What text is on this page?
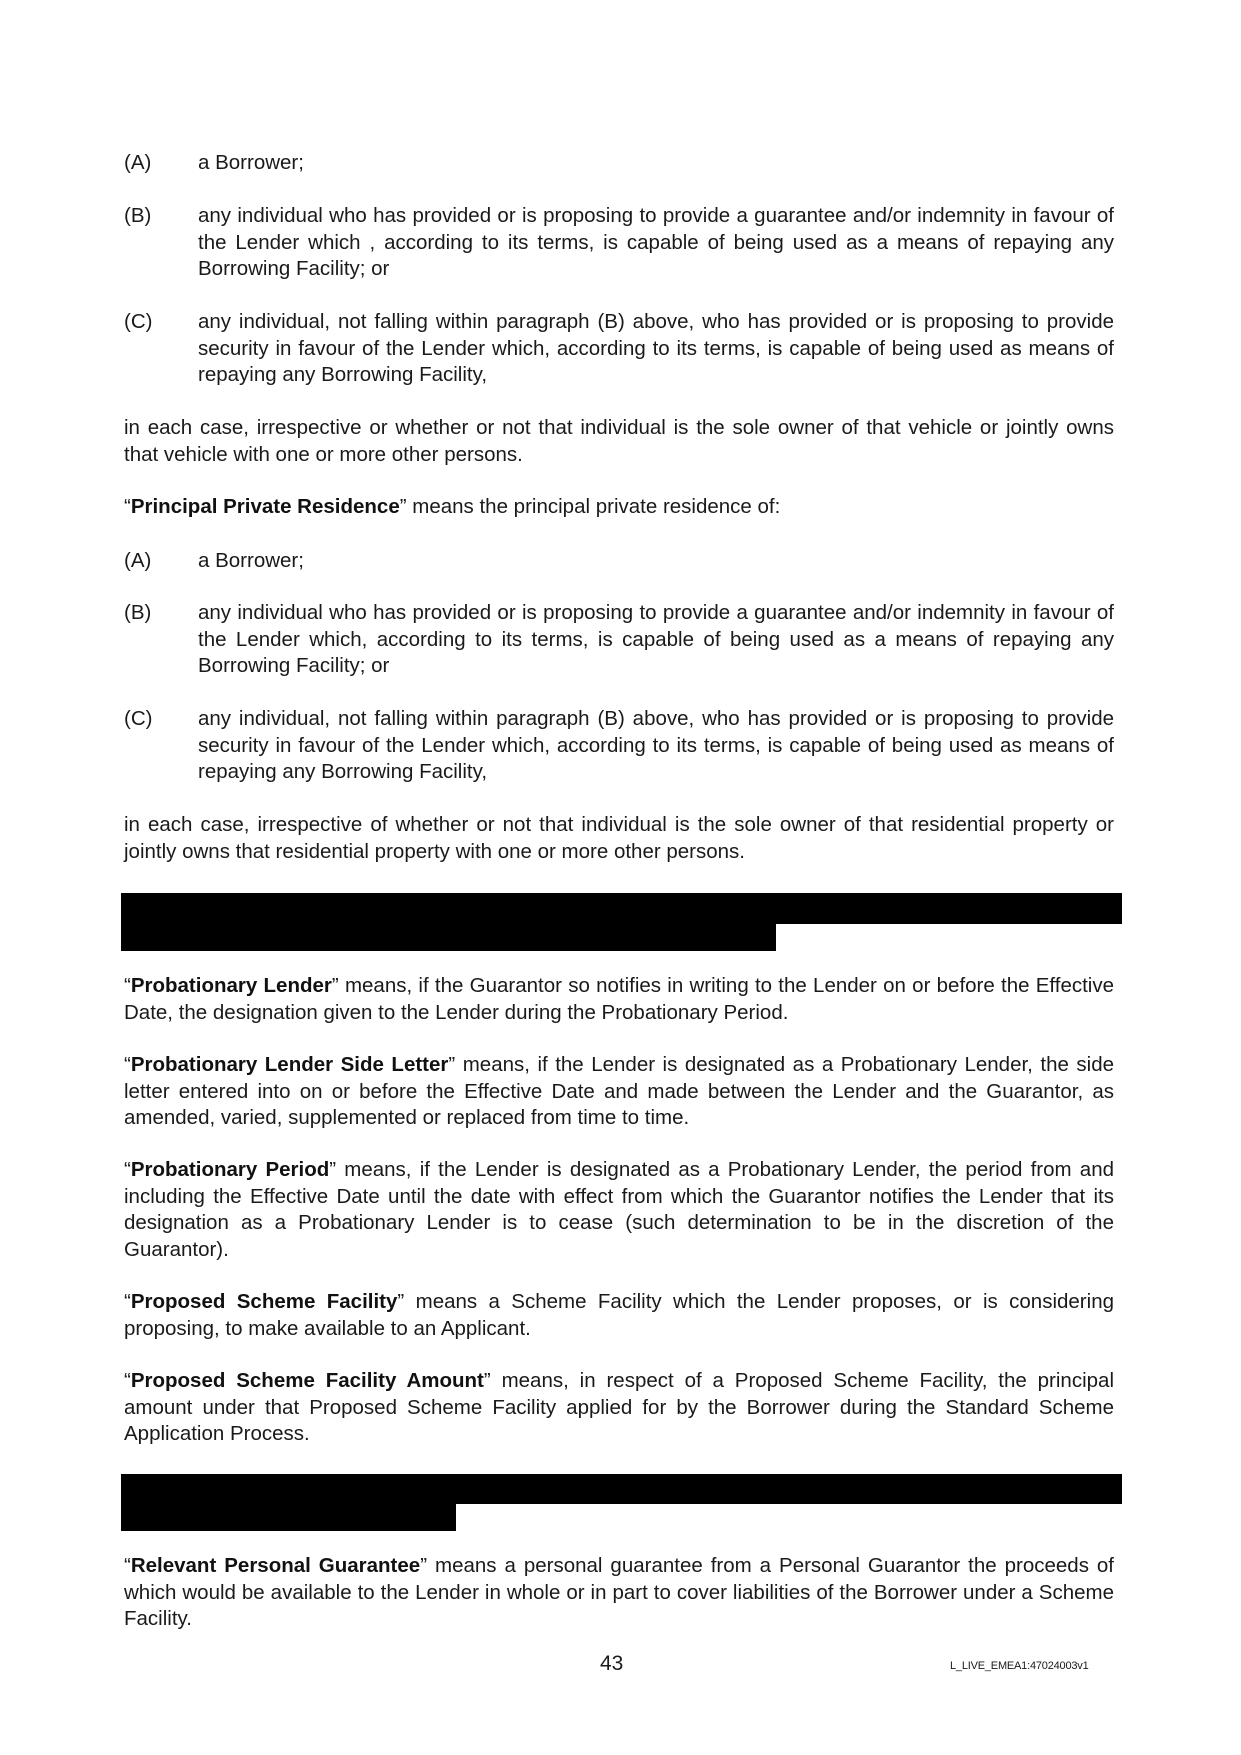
(A)	a Borrower;
(B)	any individual who has provided or is proposing to provide a guarantee and/or indemnity in favour of the Lender which , according to its terms, is capable of being used as a means of repaying any Borrowing Facility; or
(C)	any individual, not falling within paragraph (B) above, who has provided or is proposing to provide security in favour of the Lender which, according to its terms, is capable of being used as means of repaying any Borrowing Facility,
in each case, irrespective or whether or not that individual is the sole owner of that vehicle or jointly owns that vehicle with one or more other persons.
“Principal Private Residence” means the principal private residence of:
(A)	a Borrower;
(B)	any individual who has provided or is proposing to provide a guarantee and/or indemnity in favour of the Lender which, according to its terms, is capable of being used as a means of repaying any Borrowing Facility; or
(C)	any individual, not falling within paragraph (B) above, who has provided or is proposing to provide security in favour of the Lender which, according to its terms, is capable of being used as means of repaying any Borrowing Facility,
in each case, irrespective of whether or not that individual is the sole owner of that residential property or jointly owns that residential property with one or more other persons.
“Probationary Lender” means, if the Guarantor so notifies in writing to the Lender on or before the Effective Date, the designation given to the Lender during the Probationary Period.
“Probationary Lender Side Letter” means, if the Lender is designated as a Probationary Lender, the side letter entered into on or before the Effective Date and made between the Lender and the Guarantor, as amended, varied, supplemented or replaced from time to time.
“Probationary Period” means, if the Lender is designated as a Probationary Lender, the period from and including the Effective Date until the date with effect from which the Guarantor notifies the Lender that its designation as a Probationary Lender is to cease (such determination to be in the discretion of the Guarantor).
“Proposed Scheme Facility” means a Scheme Facility which the Lender proposes, or is considering proposing, to make available to an Applicant.
“Proposed Scheme Facility Amount” means, in respect of a Proposed Scheme Facility, the principal amount under that Proposed Scheme Facility applied for by the Borrower during the Standard Scheme Application Process.
“Relevant Personal Guarantee” means a personal guarantee from a Personal Guarantor the proceeds of which would be available to the Lender in whole or in part to cover liabilities of the Borrower under a Scheme Facility.
43	L_LIVE_EMEA1:47024003v1
